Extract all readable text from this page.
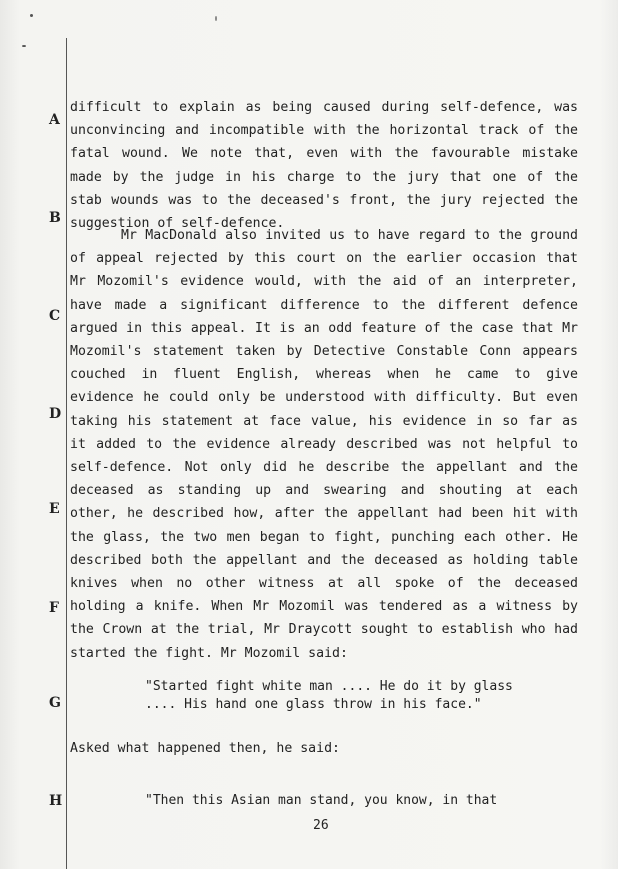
A
B
C
D
E
F
G
H
difficult to explain as being caused during self-defence, was unconvincing and incompatible with the horizontal track of the fatal wound. We note that, even with the favourable mistake made by the judge in his charge to the jury that one of the stab wounds was to the deceased's front, the jury rejected the suggestion of self-defence.
Mr MacDonald also invited us to have regard to the ground of appeal rejected by this court on the earlier occasion that Mr Mozomil's evidence would, with the aid of an interpreter, have made a significant difference to the different defence argued in this appeal. It is an odd feature of the case that Mr Mozomil's statement taken by Detective Constable Conn appears couched in fluent English, whereas when he came to give evidence he could only be understood with difficulty. But even taking his statement at face value, his evidence in so far as it added to the evidence already described was not helpful to self-defence. Not only did he describe the appellant and the deceased as standing up and swearing and shouting at each other, he described how, after the appellant had been hit with the glass, the two men began to fight, punching each other. He described both the appellant and the deceased as holding table knives when no other witness at all spoke of the deceased holding a knife. When Mr Mozomil was tendered as a witness by the Crown at the trial, Mr Draycott sought to establish who had started the fight. Mr Mozomil said:
"Started fight white man .... He do it by glass
.... His hand one glass throw in his face."
Asked what happened then, he said:
"Then this Asian man stand, you know, in that
26
